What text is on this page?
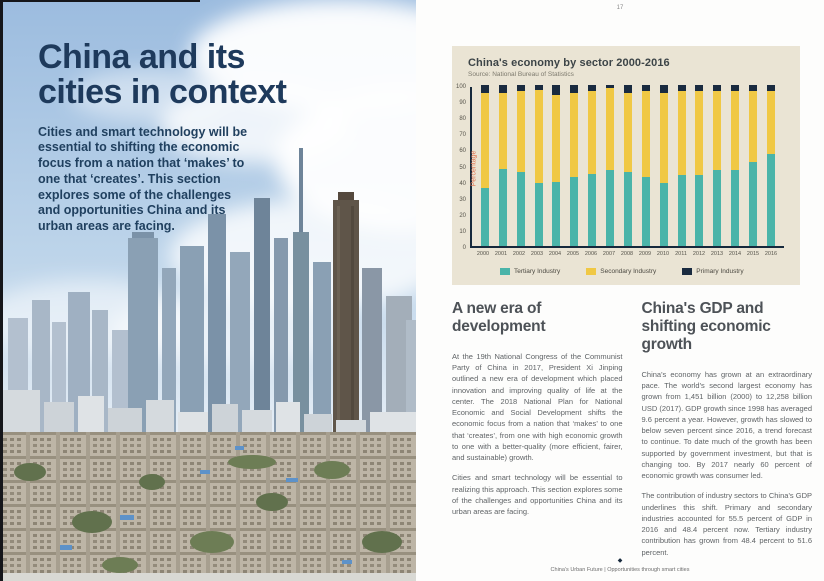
China and its
cities in context
Cities and smart technology will be essential to shifting the economic focus from a nation that ‘makes’ to one that ‘creates’. This section explores some of the challenges and opportunities China and its urban areas are facing.
17
China's economy by sector 2000-2016
Source: National Bureau of Statistics
Percentage
0
10
20
30
40
50
60
70
80
90
100
2000	2001	2002	2003	2004	2005	2006	2007	2008	2009	2010	2011	2012	2013	2014	2015	2016
Tertiary Industry	Secondary Industry	Primary Industry
A new era of development

At the 19th National Congress of the Communist Party of China in 2017, President Xi Jinping outlined a new era of development which placed innovation and improving quality of life at the center. The 2018 National Plan for National Economic and Social Development shifts the economic focus from a nation that ‘makes’ to one that ‘creates’, from one with high economic growth to one with a better-quality (more efficient, fairer, and sustainable) growth.

Cities and smart technology will be essential to realizing this approach. This section explores some of the challenges and opportunities China and its urban areas are facing.

China's GDP and shifting economic growth

China's economy has grown at an extraordinary pace. The world's second largest economy has grown from 1,451 billion (2000) to 12,258 billion USD (2017). GDP growth since 1998 has averaged 9.6 percent a year. However, growth has slowed to below seven percent since 2016, a trend forecast to continue. To date much of the growth has been supported by government investment, but that is changing too. By 2017 nearly 60 percent of economic growth was consumer led.

The contribution of industry sectors to China's GDP underlines this shift. Primary and secondary industries accounted for 55.5 percent of GDP in 2016 and 48.4 percent now. Tertiary industry contribution has grown from 48.4 percent to 51.6 percent.

◆
China’s Urban Future | Opportunities through smart cities
